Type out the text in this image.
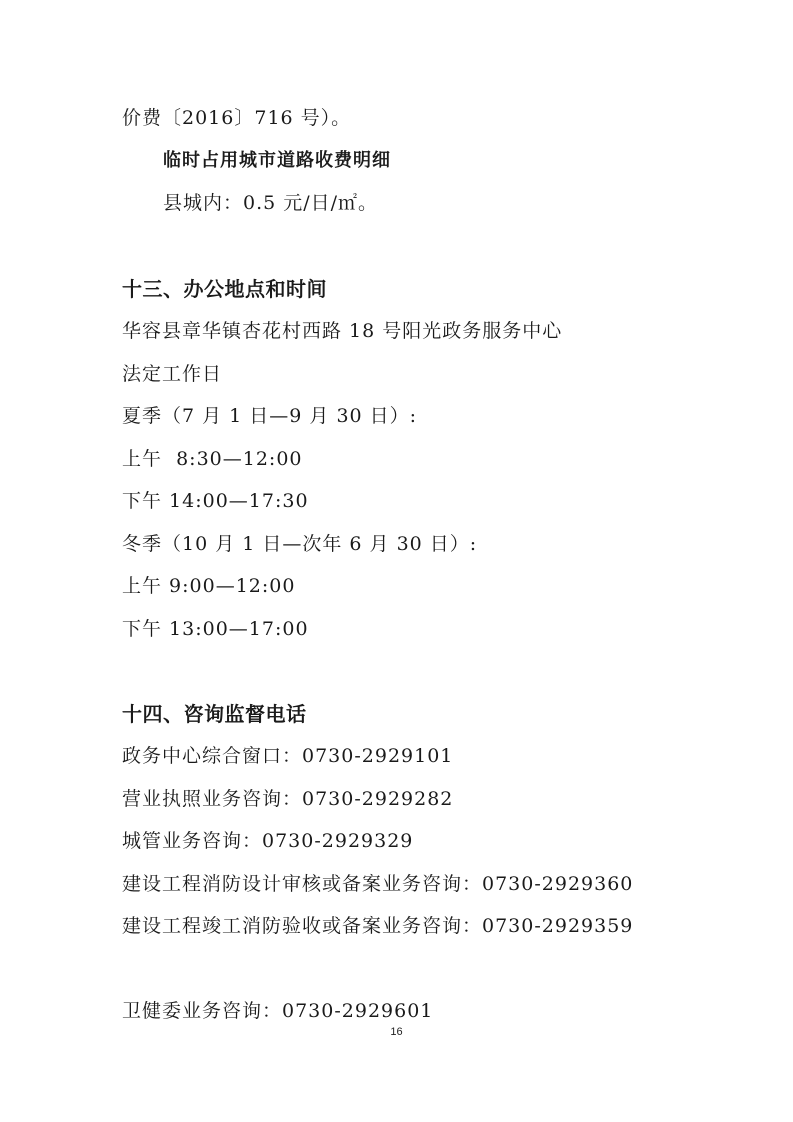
价费〔2016〕716 号）。
临时占用城市道路收费明细
县城内：0.5 元/日/㎡。
十三、办公地点和时间
华容县章华镇杏花村西路 18 号阳光政务服务中心
法定工作日
夏季（7 月 1 日—9 月 30 日）:
上午  8:30—12:00
下午 14:00—17:30
冬季（10 月 1 日—次年 6 月 30 日）:
上午 9:00—12:00
下午 13:00—17:00
十四、咨询监督电话
政务中心综合窗口：0730-2929101
营业执照业务咨询：0730-2929282
城管业务咨询：0730-2929329
建设工程消防设计审核或备案业务咨询：0730-2929360
建设工程竣工消防验收或备案业务咨询：0730-2929359
卫健委业务咨询：0730-2929601
16
